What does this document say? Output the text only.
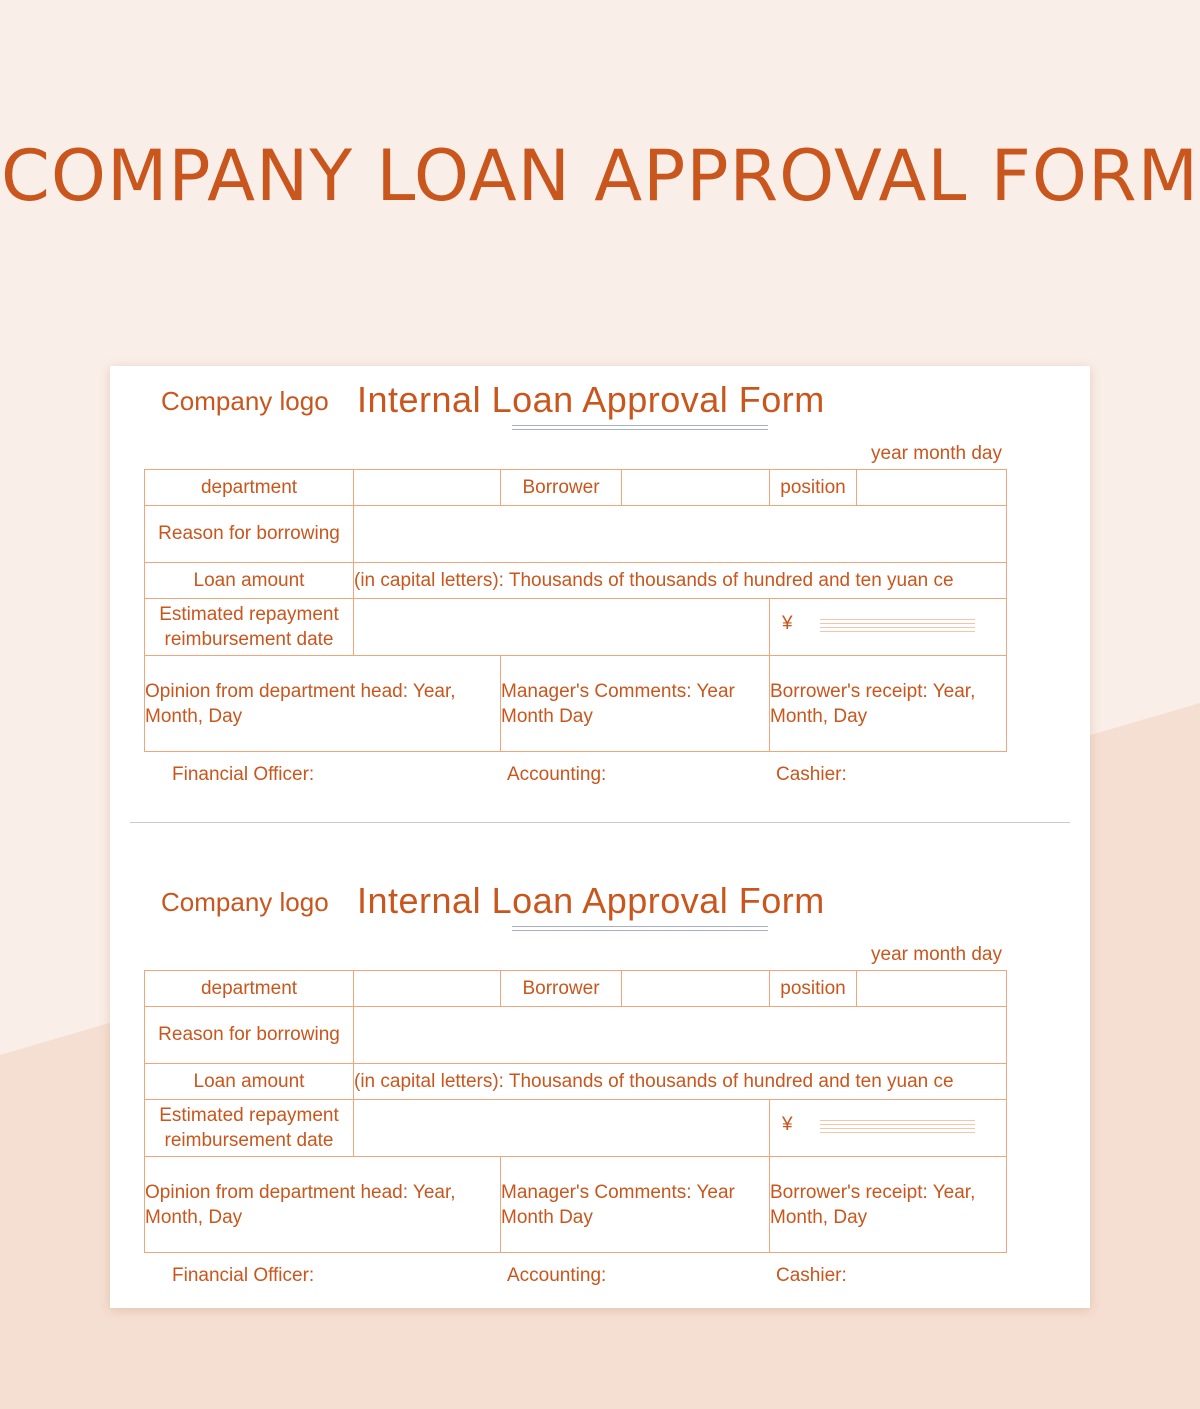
COMPANY LOAN APPROVAL FORM
Company logo Internal Loan Approval Form
year month day
department		Borrower		position	
Reason for borrowing					
Loan amount	(in capital letters): Thousands of thousands of hundred and ten yuan ce				

Estimated repayment
reimbursement date				¥	

Opinion from department head: Year, Month, Day		Manager's Comments: Year Month Day		Borrower's receipt: Year, Month, Day	
Financial Officer:	Accounting:	Cashier:
Company logo Internal Loan Approval Form
year month day
department		Borrower		position	
Reason for borrowing					
Loan amount	(in capital letters): Thousands of thousands of hundred and ten yuan ce				

Estimated repayment
reimbursement date				¥	

Opinion from department head: Year, Month, Day		Manager's Comments: Year Month Day		Borrower's receipt: Year, Month, Day	
Financial Officer:	Accounting:	Cashier:
